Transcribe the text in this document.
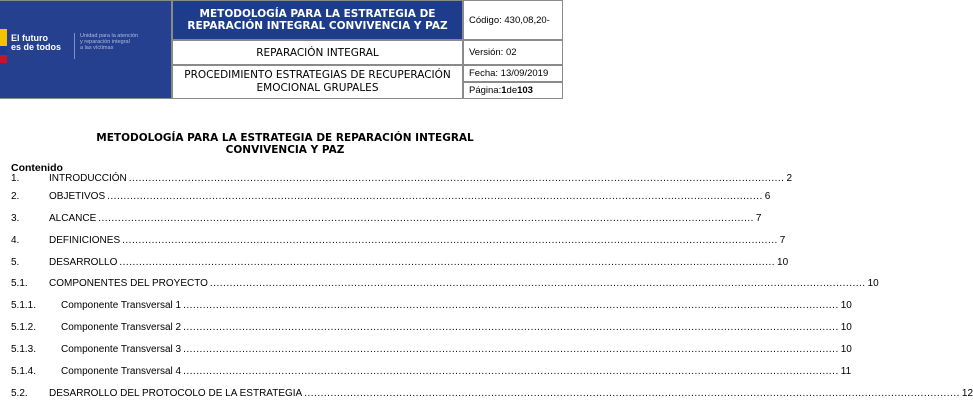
El futuro
es de todos
Unidad para la atención
y reparación integral
a las víctimas
METODOLOGÍA PARA LA ESTRATEGIA DE REPARACIÓN INTEGRAL CONVIVENCIA Y PAZ
REPARACIÓN INTEGRAL
PROCEDIMIENTO ESTRATEGIAS DE RECUPERACIÓN EMOCIONAL GRUPALES
Código: 430,08,20-
Versión: 02
Fecha: 13/09/2019
Página: 1 de 103
METODOLOGÍA PARA LA ESTRATEGIA DE REPARACIÓN INTEGRAL CONVIVENCIA Y PAZ
Contenido
1.	INTRODUCCIÓN ........................................................................................................................................................................................................ 2
2.	OBJETIVOS ........................................................................................................................................................................................................ 6
3.	ALCANCE ........................................................................................................................................................................................................ 7
4.	DEFINICIONES ........................................................................................................................................................................................................ 7
5.	DESARROLLO ........................................................................................................................................................................................................ 10
5.1. COMPONENTES DEL PROYECTO ........................................................................................................................................................................................................ 10
5.1.1. Componente Transversal 1 ........................................................................................................................................................................................................ 10
5.1.2. Componente Transversal 2 ........................................................................................................................................................................................................ 10
5.1.3. Componente Transversal 3 ........................................................................................................................................................................................................ 10
5.1.4. Componente Transversal 4 ........................................................................................................................................................................................................ 11
5.2. DESARROLLO DEL PROTOCOLO DE LA ESTRATEGIA ........................................................................................................................................................................................................ 12
